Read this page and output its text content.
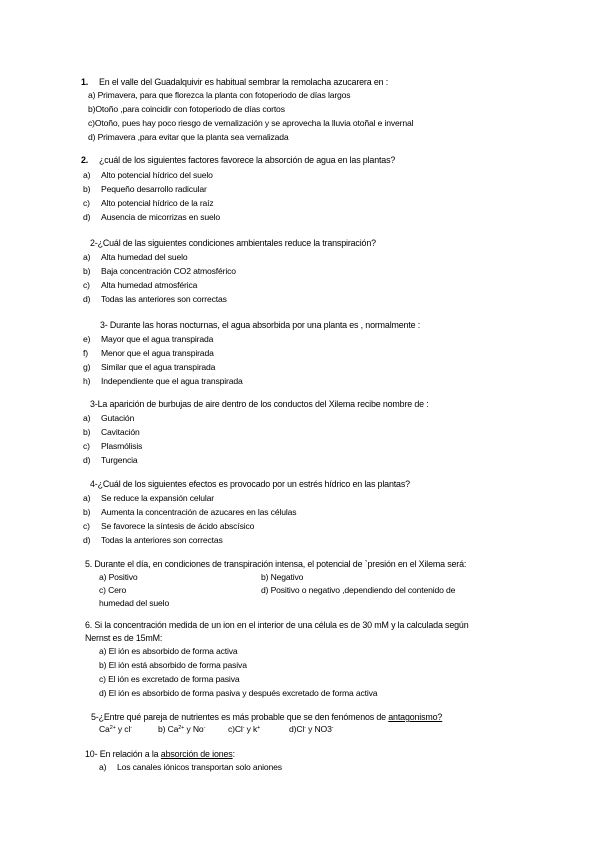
1. En el valle del Guadalquivir es habitual sembrar la remolacha azucarera en :
a) Primavera, para que florezca la planta con fotoperiodo de días largos
b)Otoño ,para coincidir con fotoperiodo de días cortos
c)Otoño, pues hay poco riesgo de vernalización y se aprovecha la lluvia otoñal e invernal
d) Primavera ,para evitar que la planta sea vernalizada
2. ¿cuál de los siguientes factores favorece la absorción de agua en las plantas?
a) Alto potencial hídrico del suelo
b) Pequeño desarrollo radicular
c) Alto potencial hídrico de la raíz
d) Ausencia de micorrizas en suelo
2-¿Cuál de las siguientes condiciones ambientales reduce la transpiración?
a) Alta humedad del suelo
b) Baja concentración CO2 atmosférico
c) Alta humedad atmosférica
d) Todas las anteriores son correctas
3- Durante las horas nocturnas, el agua absorbida por una planta es , normalmente :
e) Mayor que el agua transpirada
f) Menor que el agua transpirada
g) Similar que el agua transpirada
h) Independiente que el agua transpirada
3-La aparición de burbujas de aire dentro de los conductos del Xilema recibe nombre de :
a) Gutación
b) Cavitación
c) Plasmólisis
d) Turgencia
4-¿Cuál de los siguientes efectos es provocado por un estrés hídrico en las plantas?
a) Se reduce la expansión celular
b) Aumenta la concentración de azucares en las células
c) Se favorece la síntesis de ácido abscísico
d) Todas la anteriores son correctas
5. Durante el día, en condiciones de transpiración intensa, el potencial de `presión en el Xilema será:
a) Positivo	b) Negativo
c) Cero	d) Positivo o negativo ,dependiendo del contenido de
humedad del suelo
6. Si la concentración medida de un ion en el interior de una célula es de 30 mM y la calculada según
Nernst es de 15mM:
a) El ión es absorbido de forma activa
b) El ión está absorbido de forma pasiva
c) El ión es excretado de forma pasiva
d) El ión es absorbido de forma pasiva y después excretado de forma activa
5-¿Entre qué pareja de nutrientes es más probable que se den fenómenos de antagonismo?
$Ca^{2+}$ y cl-	b) $Ca^{2+}$ y No-	c)Cl- y k+	d)Cl- y NO3-
10- En relación a la absorción de iones:
a) Los canales iónicos transportan solo aniones
